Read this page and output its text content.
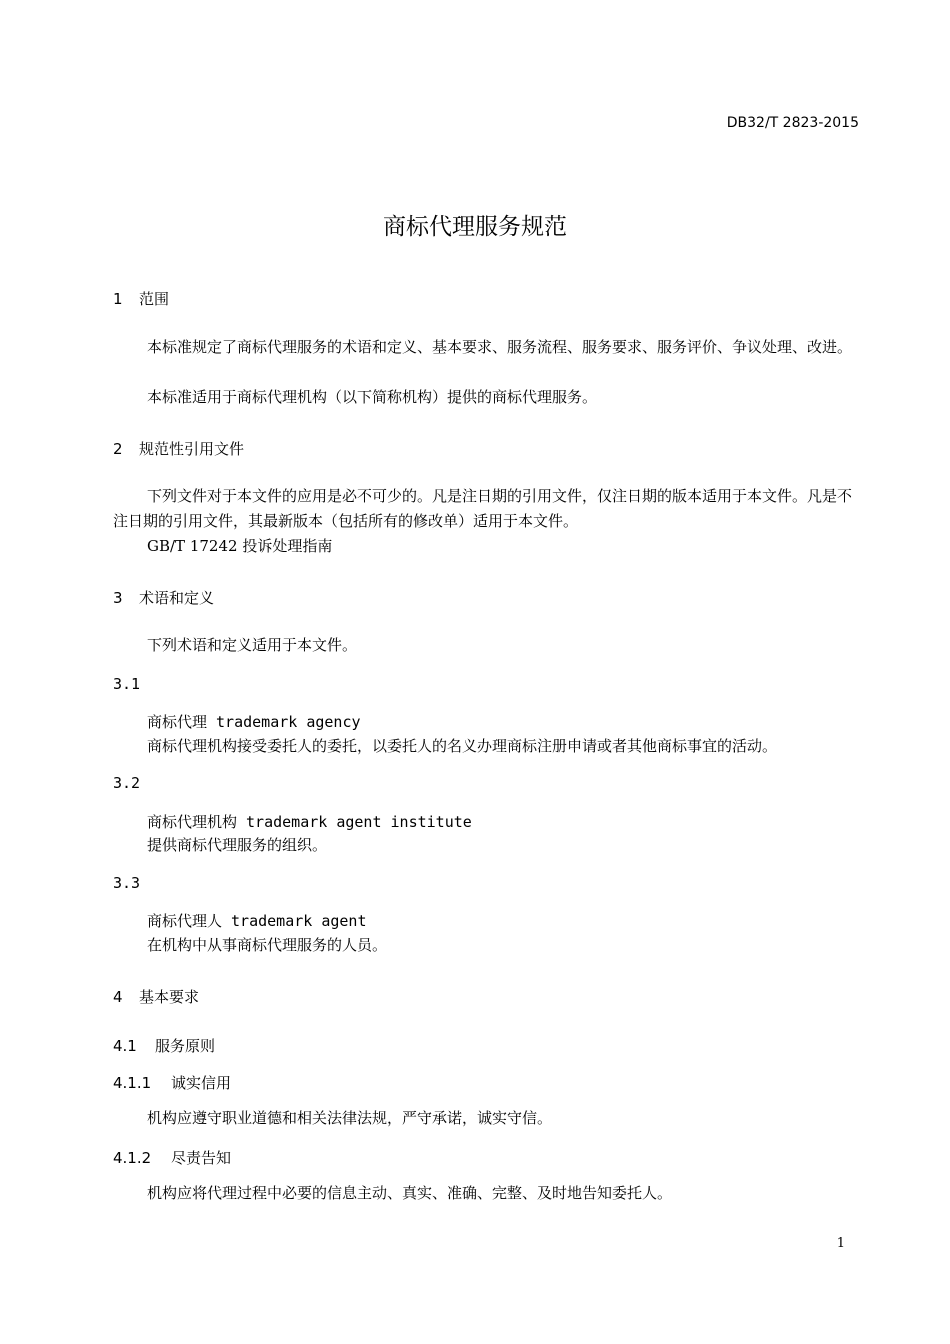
DB32/T 2823-2015
商标代理服务规范
1 范围
本标准规定了商标代理服务的术语和定义、基本要求、服务流程、服务要求、服务评价、争议处理、改进。
本标准适用于商标代理机构（以下简称机构）提供的商标代理服务。
2 规范性引用文件
下列文件对于本文件的应用是必不可少的。凡是注日期的引用文件，仅注日期的版本适用于本文件。凡是不注日期的引用文件，其最新版本（包括所有的修改单）适用于本文件。
GB/T 17242 投诉处理指南
3 术语和定义
下列术语和定义适用于本文件。
3.1
商标代理 trademark agency
商标代理机构接受委托人的委托，以委托人的名义办理商标注册申请或者其他商标事宜的活动。
3.2
商标代理机构 trademark agent institute
提供商标代理服务的组织。
3.3
商标代理人 trademark agent
在机构中从事商标代理服务的人员。
4 基本要求
4.1 服务原则
4.1.1 诚实信用
机构应遵守职业道德和相关法律法规，严守承诺，诚实守信。
4.1.2 尽责告知
机构应将代理过程中必要的信息主动、真实、准确、完整、及时地告知委托人。
1
